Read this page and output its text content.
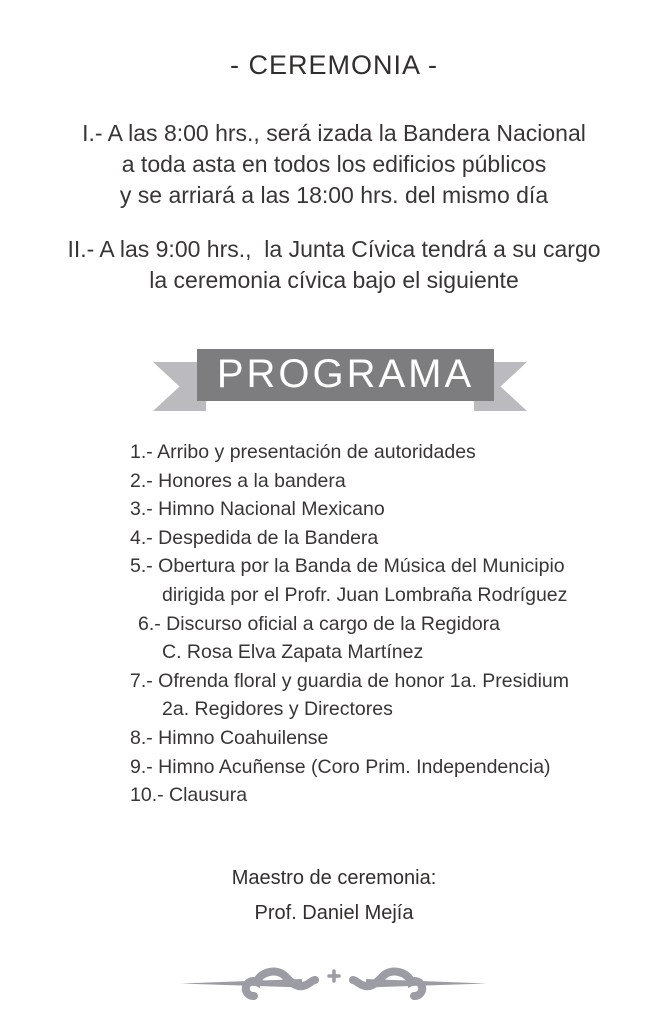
- CEREMONIA -
I.- A las 8:00 hrs., será izada la Bandera Nacional
a toda asta en todos los edificios públicos
y se arriará a las 18:00 hrs. del mismo día
II.- A las 9:00 hrs.,  la Junta Cívica tendrá a su cargo
la ceremonia cívica bajo el siguiente
PROGRAMA
1.- Arribo y presentación de autoridades
2.- Honores a la bandera
3.- Himno Nacional Mexicano
4.- Despedida de la Bandera
5.- Obertura por la Banda de Música del Municipio
dirigida por el Profr. Juan Lombraña Rodríguez
6.- Discurso oficial a cargo de la Regidora
C. Rosa Elva Zapata Martínez
7.- Ofrenda floral y guardia de honor 1a. Presidium
2a. Regidores y Directores
8.- Himno Coahuilense
9.- Himno Acuñense (Coro Prim. Independencia)
10.- Clausura
Maestro de ceremonia:
Prof. Daniel Mejía
